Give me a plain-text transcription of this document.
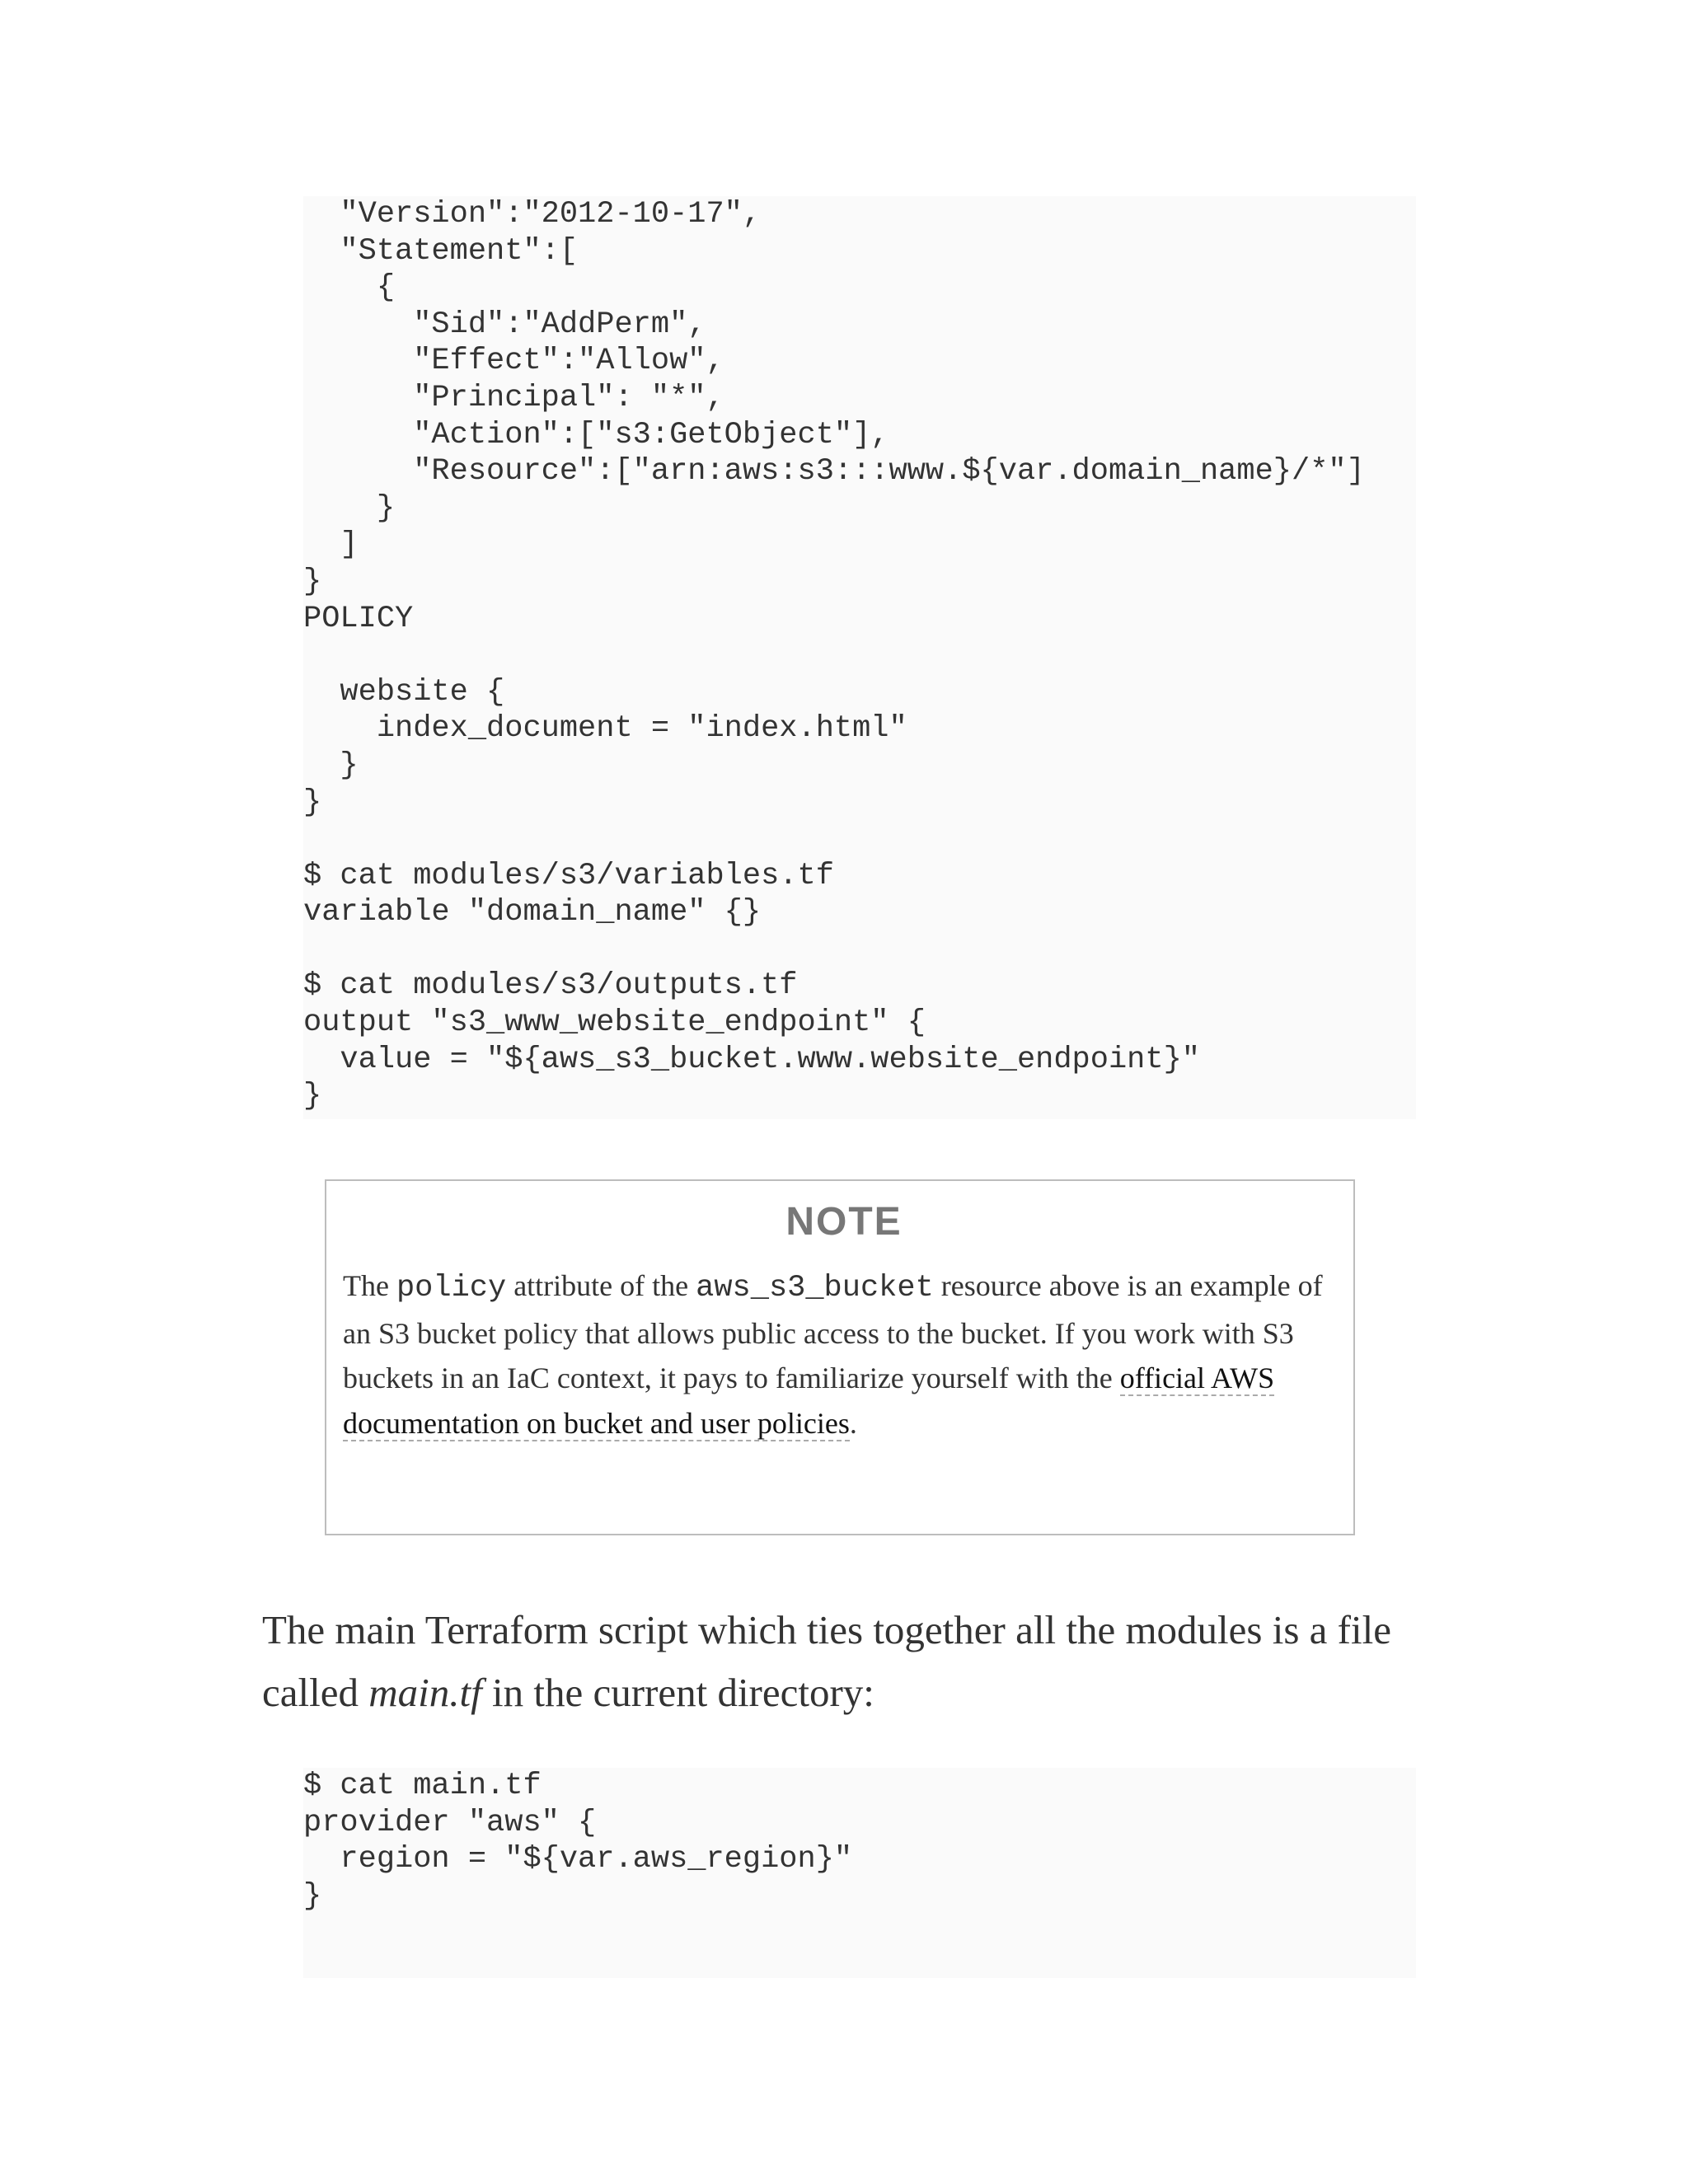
"Version":"2012-10-17",
"Statement":[
{
"Sid":"AddPerm",
"Effect":"Allow",
"Principal": "*",
"Action":["s3:GetObject"],
"Resource":["arn:aws:s3:::www.${var.domain_name}/*"]
}
]
}
POLICY

website {
index_document = "index.html"
}
}

$ cat modules/s3/variables.tf
variable "domain_name" {}

$ cat modules/s3/outputs.tf
output "s3_www_website_endpoint" {
value = "${aws_s3_bucket.www.website_endpoint}"
}
The policy attribute of the aws_s3_bucket resource above is an example of an S3 bucket policy that allows public access to the bucket. If you work with S3 buckets in an IaC context, it pays to familiarize yourself with the official AWS documentation on bucket and user policies.
NOTE
The main Terraform script which ties together all the modules is a file called main.tf in the current directory:
$ cat main.tf
provider "aws" {
region = "${var.aws_region}"
}
